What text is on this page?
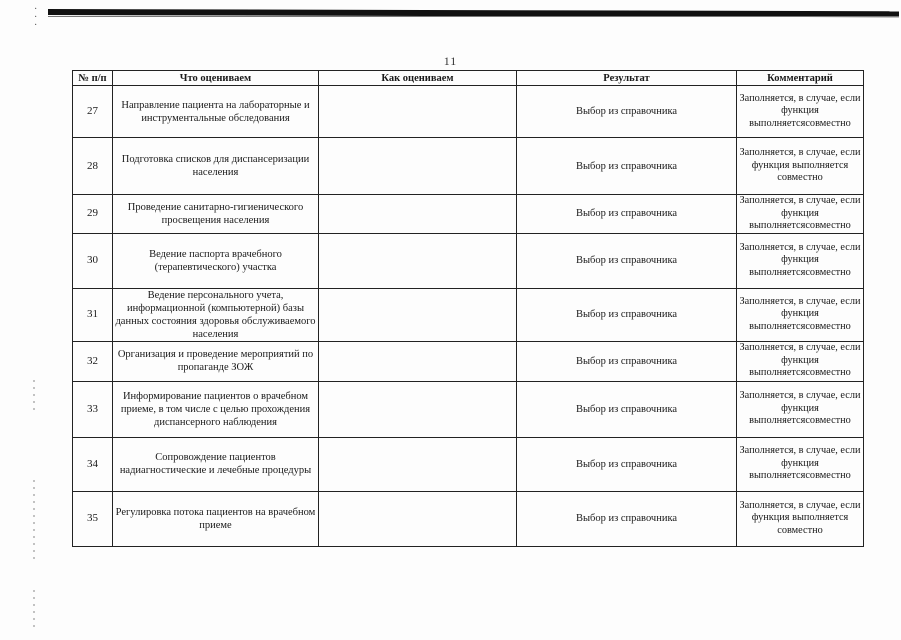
· ·
·
11
№ п/п	Что оцениваем	Как оцениваем	Результат	Комментарий
27	Направление пациента на лабораторные и инструментальные обследования		Выбор из справочника	Заполняется, в случае, если функция выполняетсясовместно
28	Подготовка списков для диспансеризации населения		Выбор из справочника	Заполняется, в случае, если функция выполняется совместно
29	Проведение санитарно-гигиенического просвещения населения		Выбор из справочника	Заполняется, в случае, если функция выполняетсясовместно
30	Ведение паспорта врачебного (терапевтического) участка		Выбор из справочника	Заполняется, в случае, если функция выполняетсясовместно
31	Ведение персонального учета, информационной (компьютерной) базы данных состояния здоровья обслуживаемого населения		Выбор из справочника	Заполняется, в случае, если функция выполняетсясовместно
32	Организация и проведение мероприятий по пропаганде ЗОЖ		Выбор из справочника	Заполняется, в случае, если функция выполняетсясовместно
33	Информирование пациентов о врачебном приеме, в том числе с целью прохождения диспансерного наблюдения		Выбор из справочника	Заполняется, в случае, если функция выполняетсясовместно
34	Сопровождение пациентов надиагностические и лечебные процедуры		Выбор из справочника	Заполняется, в случае, если функция выполняетсясовместно
35	Регулировка потока пациентов на врачебном приеме		Выбор из справочника	Заполняется, в случае, если функция выполняется совместно
